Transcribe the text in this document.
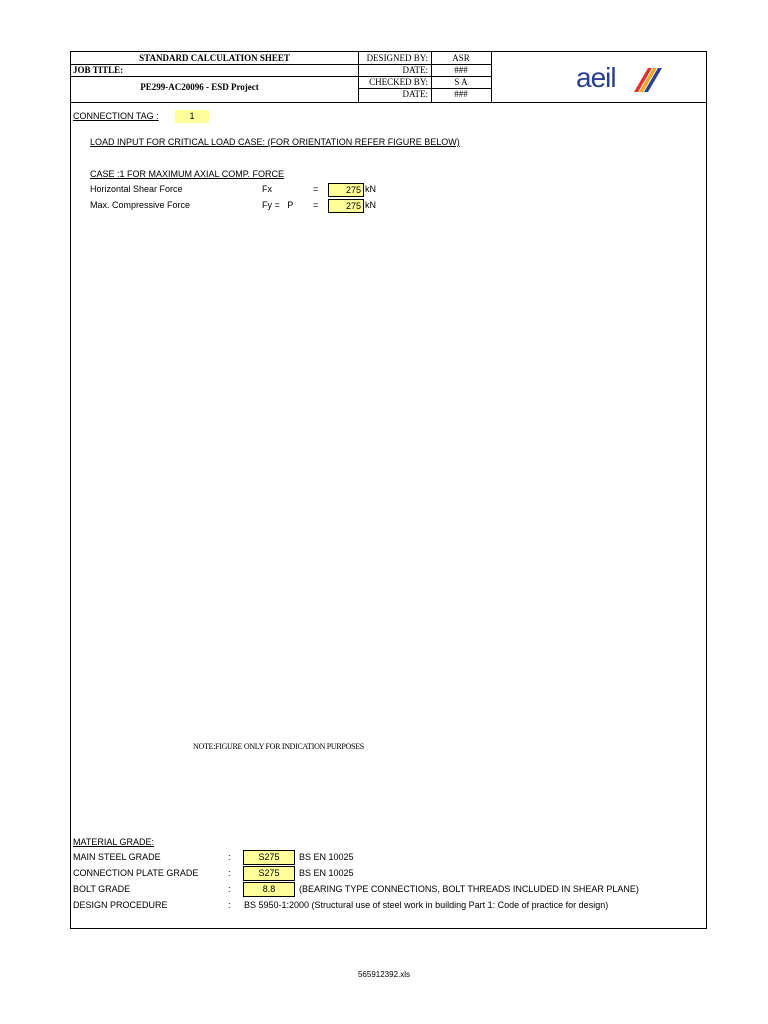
STANDARD CALCULATION SHEET
JOB TITLE:
PE299-AC20096 - ESD Project
DESIGNED BY:	ASR
DATE:	###
CHECKED BY:	S A
DATE:	###
aeil
CONNECTION TAG :	1
LOAD INPUT FOR CRITICAL LOAD CASE: (FOR ORIENTATION REFER FIGURE BELOW)
CASE :1 FOR MAXIMUM AXIAL COMP. FORCE
Horizontal Shear Force	Fx	=	275 kN
Max. Compressive Force	Fy =   P =	275 kN
NOTE:FIGURE ONLY FOR INDICATION PURPOSES
MATERIAL GRADE:
MAIN STEEL GRADE	:	S275	BS EN 10025
CONNECTION PLATE GRADE	:	S275	BS EN 10025
BOLT GRADE	:	8.8	(BEARING TYPE CONNECTIONS, BOLT THREADS INCLUDED IN SHEAR PLANE)
DESIGN PROCEDURE	: BS 5950-1:2000 (Structural use of steel work in building Part 1: Code of practice for design)
565912392.xls
